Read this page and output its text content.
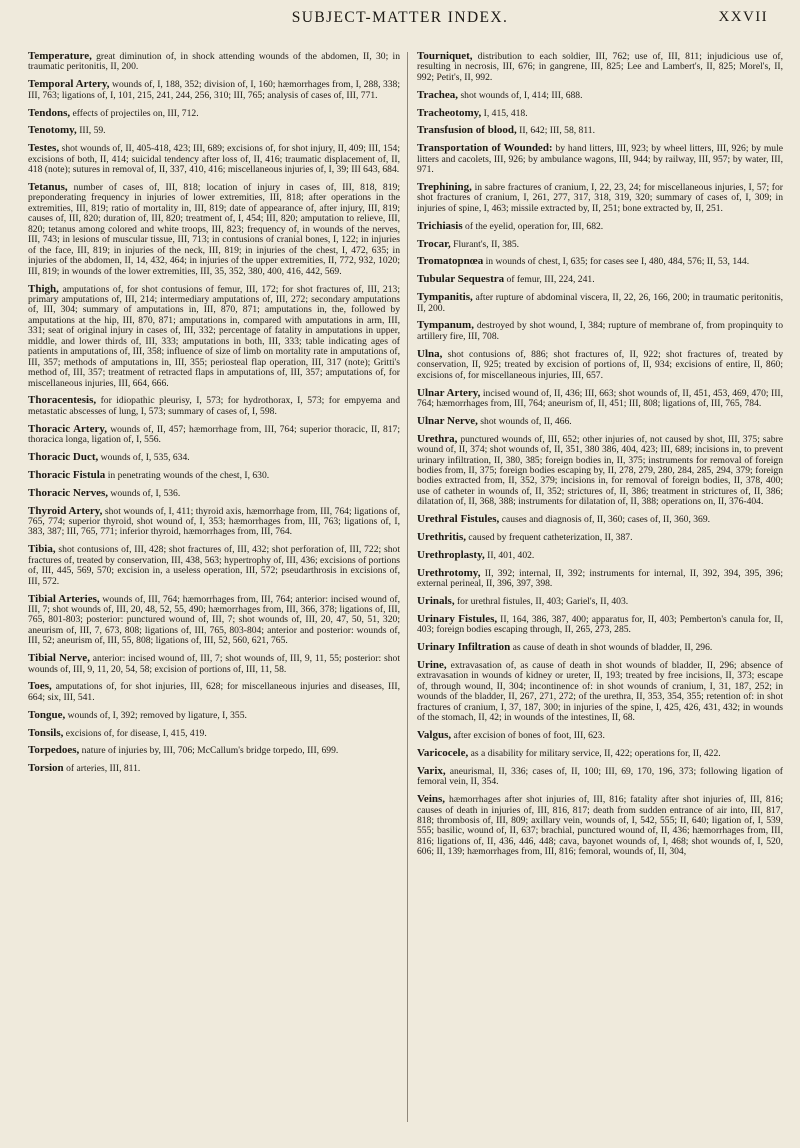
SUBJECT-MATTER INDEX.	XXVII

Temperature, great diminution of, in shock attending wounds of the abdomen, II, 30; in traumatic peritonitis, II, 200.

Temporal Artery, wounds of, I, 188, 352; division of, I, 160; hæmorrhages from, I, 288, 338; III, 763; ligations of, I, 101, 215, 241, 244, 256, 310; III, 765; analysis of cases of, III, 771.

Tendons, effects of projectiles on, III, 712.

Tenotomy, III, 59.

Testes, shot wounds of, II, 405-418, 423; III, 689; excisions of, for shot injury, II, 409; III, 154; excisions of both, II, 414; suicidal tendency after loss of, II, 416; traumatic displacement of, II, 418 (note); sutures in removal of, II, 337, 410, 416; miscellaneous injuries of, I, 39; III 643, 684.

Tetanus, number of cases of, III, 818; location of injury in cases of, III, 818, 819; preponderating frequency in injuries of lower extremities, III, 818; after operations in the extremities, III, 819; ratio of mortality in, III, 819; date of appearance of, after injury, III, 819; causes of, III, 820; duration of, III, 820; treatment of, I, 454; III, 820; amputation to relieve, III, 820; tetanus among colored and white troops, III, 823; frequency of, in wounds of the nerves, III, 743; in lesions of muscular tissue, III, 713; in contusions of cranial bones, I, 122; in injuries of the face, III, 819; in injuries of the neck, III, 819; in injuries of the chest, I, 472, 635; in injuries of the abdomen, II, 14, 432, 464; in injuries of the upper extremities, II, 772, 932, 1020; III, 819; in wounds of the lower extremities, III, 35, 352, 380, 400, 416, 442, 569.

Thigh, amputations of, for shot contusions of femur, III, 172; for shot fractures of, III, 213; primary amputations of, III, 214; intermediary amputations of, III, 272; secondary amputations of, III, 304; summary of amputations in, III, 870, 871; amputations in, the, followed by amputations at the hip, III, 870, 871; amputations in, compared with amputations in arm, III, 331; seat of original injury in cases of, III, 332; percentage of fatality in amputations in upper, middle, and lower thirds of, III, 333; amputations in both, III, 333; table indicating ages of patients in amputations of, III, 358; influence of size of limb on mortality rate in amputations of, III, 357; methods of amputations in, III, 355; periosteal flap operation, III, 317 (note); Gritti's method of, III, 357; treatment of retracted flaps in amputations of, III, 357; amputations of, for miscellaneous injuries, III, 664, 666.

Thoracentesis, for idiopathic pleurisy, I, 573; for hydrothorax, I, 573; for empyema and metastatic abscesses of lung, I, 573; summary of cases of, I, 598.

Thoracic Artery, wounds of, II, 457; hæmorrhage from, III, 764; superior thoracic, II, 817; thoracica longa, ligation of, I, 556.

Thoracic Duct, wounds of, I, 535, 634.

Thoracic Fistula in penetrating wounds of the chest, I, 630.

Thoracic Nerves, wounds of, I, 536.

Thyroid Artery, shot wounds of, I, 411; thyroid axis, hæmorrhage from, III, 764; ligations of, 765, 774; superior thyroid, shot wound of, I, 353; hæmorrhages from, III, 763; ligations of, I, 383, 387; III, 765, 771; inferior thyroid, hæmorrhages from, III, 764.

Tibia, shot contusions of, III, 428; shot fractures of, III, 432; shot perforation of, III, 722; shot fractures of, treated by conservation, III, 438, 563; hypertrophy of, III, 436; excisions of portions of, III, 445, 569, 570; excision in, a useless operation, III, 572; pseudarthrosis in excisions of, III, 572.

Tibial Arteries, wounds of, III, 764; hæmorrhages from, III, 764; anterior: incised wound of, III, 7; shot wounds of, III, 20, 48, 52, 55, 490; hæmorrhages from, III, 366, 378; ligations of, III, 765, 801-803; posterior: punctured wound of, III, 7; shot wounds of, III, 20, 47, 50, 51, 320; aneurism of, III, 7, 673, 808; ligations of, III, 765, 803-804; anterior and posterior: wounds of, III, 52; aneurism of, III, 55, 808; ligations of, III, 52, 560, 621, 765.

Tibial Nerve, anterior: incised wound of, III, 7; shot wounds of, III, 9, 11, 55; posterior: shot wounds of, III, 9, 11, 20, 54, 58; excision of portions of, III, 11, 58.

Toes, amputations of, for shot injuries, III, 628; for miscellaneous injuries and diseases, III, 664; six, III, 541.

Tongue, wounds of, I, 392; removed by ligature, I, 355.

Tonsils, excisions of, for disease, I, 415, 419.

Torpedoes, nature of injuries by, III, 706; McCallum's bridge torpedo, III, 699.

Torsion of arteries, III, 811.

Tourniquet, distribution to each soldier, III, 762; use of, III, 811; injudicious use of, resulting in necrosis, III, 676; in gangrene, III, 825; Lee and Lambert's, II, 825; Morel's, II, 992; Petit's, II, 992.

Trachea, shot wounds of, I, 414; III, 688.

Tracheotomy, I, 415, 418.

Transfusion of blood, II, 642; III, 58, 811.

Transportation of Wounded: by hand litters, III, 923; by wheel litters, III, 926; by mule litters and cacolets, III, 926; by ambulance wagons, III, 944; by railway, III, 957; by water, III, 971.

Trephining, in sabre fractures of cranium, I, 22, 23, 24; for miscellaneous injuries, I, 57; for shot fractures of cranium, I, 261, 277, 317, 318, 319, 320; summary of cases of, I, 309; in injuries of spine, I, 463; missile extracted by, II, 251; bone extracted by, II, 251.

Trichiasis of the eyelid, operation for, III, 682.

Trocar, Flurant's, II, 385.

Tromatopnœa in wounds of chest, I, 635; for cases see I, 480, 484, 576; II, 53, 144.

Tubular Sequestra of femur, III, 224, 241.

Tympanitis, after rupture of abdominal viscera, II, 22, 26, 166, 200; in traumatic peritonitis, II, 200.

Tympanum, destroyed by shot wound, I, 384; rupture of membrane of, from propinquity to artillery fire, III, 708.

Ulna, shot contusions of, 886; shot fractures of, II, 922; shot fractures of, treated by conservation, II, 925; treated by excision of portions of, II, 934; excisions of entire, II, 860; excisions of, for miscellaneous injuries, III, 657.

Ulnar Artery, incised wound of, II, 436; III, 663; shot wounds of, II, 451, 453, 469, 470; III, 764; hæmorrhages from, III, 764; aneurism of, II, 451; III, 808; ligations of, III, 765, 784.

Ulnar Nerve, shot wounds of, II, 466.

Urethra, punctured wounds of, III, 652; other injuries of, not caused by shot, III, 375; sabre wound of, II, 374; shot wounds of, II, 351, 380 386, 404, 423; III, 689; incisions in, to prevent urinary infiltration, II, 380, 385; foreign bodies in, II, 375; instruments for removal of foreign bodies from, II, 375; foreign bodies escaping by, II, 278, 279, 280, 284, 285, 294, 379; foreign bodies extracted from, II, 352, 379; incisions in, for removal of foreign bodies, II, 378, 400; use of catheter in wounds of, II, 352; strictures of, II, 386; treatment in strictures of, II, 386; dilatation of, II, 368, 388; instruments for dilatation of, II, 388; operations on, II, 376-404.

Urethral Fistules, causes and diagnosis of, II, 360; cases of, II, 360, 369.

Urethritis, caused by frequent catheterization, II, 387.

Urethroplasty, II, 401, 402.

Urethrotomy, II, 392; internal, II, 392; instruments for internal, II, 392, 394, 395, 396; external perineal, II, 396, 397, 398.

Urinals, for urethral fistules, II, 403; Gariel's, II, 403.

Urinary Fistules, II, 164, 386, 387, 400; apparatus for, II, 403; Pemberton's canula for, II, 403; foreign bodies escaping through, II, 265, 273, 285.

Urinary Infiltration as cause of death in shot wounds of bladder, II, 296.

Urine, extravasation of, as cause of death in shot wounds of bladder, II, 296; absence of extravasation in wounds of kidney or ureter, II, 193; treated by free incisions, II, 373; escape of, through wound, II, 304; incontinence of: in shot wounds of cranium, I, 31, 187, 252; in wounds of the bladder, II, 267, 271, 272; of the urethra, II, 353, 354, 355; retention of: in shot fractures of cranium, I, 37, 187, 300; in injuries of the spine, I, 425, 426, 431, 432; in wounds of the stomach, II, 42; in wounds of the intestines, II, 68.

Valgus, after excision of bones of foot, III, 623.

Varicocele, as a disability for military service, II, 422; operations for, II, 422.

Varix, aneurismal, II, 336; cases of, II, 100; III, 69, 170, 196, 373; following ligation of femoral vein, II, 354.

Veins, hæmorrhages after shot injuries of, III, 816; fatality after shot injuries of, III, 816; causes of death in injuries of, III, 816, 817; death from sudden entrance of air into, III, 817, 818; thrombosis of, III, 809; axillary vein, wounds of, I, 542, 555; II, 640; ligation of, I, 539, 555; basilic, wound of, II, 637; brachial, punctured wound of, II, 436; hæmorrhages from, III, 816; ligations of, II, 436, 446, 448; cava, bayonet wounds of, I, 468; shot wounds of, I, 520, 606; II, 139; hæmorrhages from, III, 816; femoral, wounds of, II, 304,
